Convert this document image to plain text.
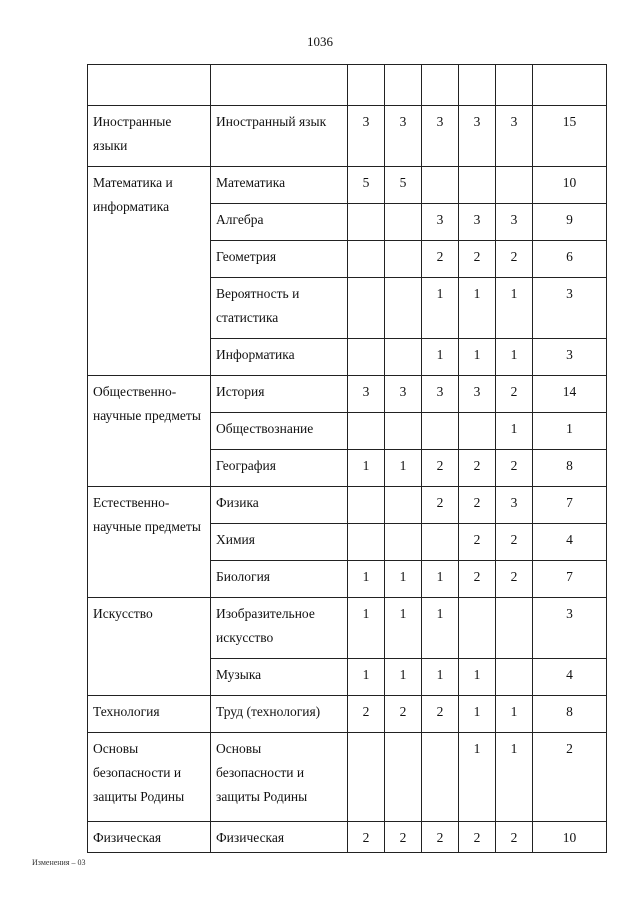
1036

Иностранные языки	Иностранный язык	3	3	3	3	3	15
Математика и информатика	Математика	5	5				10
	Алгебра			3	3	3	9
	Геометрия			2	2	2	6
	Вероятность и статистика			1	1	1	3
	Информатика			1	1	1	3
Общественно-научные предметы	История	3	3	3	3	2	14
	Обществознание					1	1
	География	1	1	2	2	2	8
Естественно-научные предметы	Физика			2	2	3	7
	Химия				2	2	4
	Биология	1	1	1	2	2	7
Искусство	Изобразительное искусство	1	1	1			3
	Музыка	1	1	1	1		4
Технология	Труд (технология)	2	2	2	1	1	8
Основы безопасности и защиты Родины	Основы безопасности и защиты Родины				1	1	2
Физическая	Физическая	2	2	2	2	2	10
Изменения – 03
